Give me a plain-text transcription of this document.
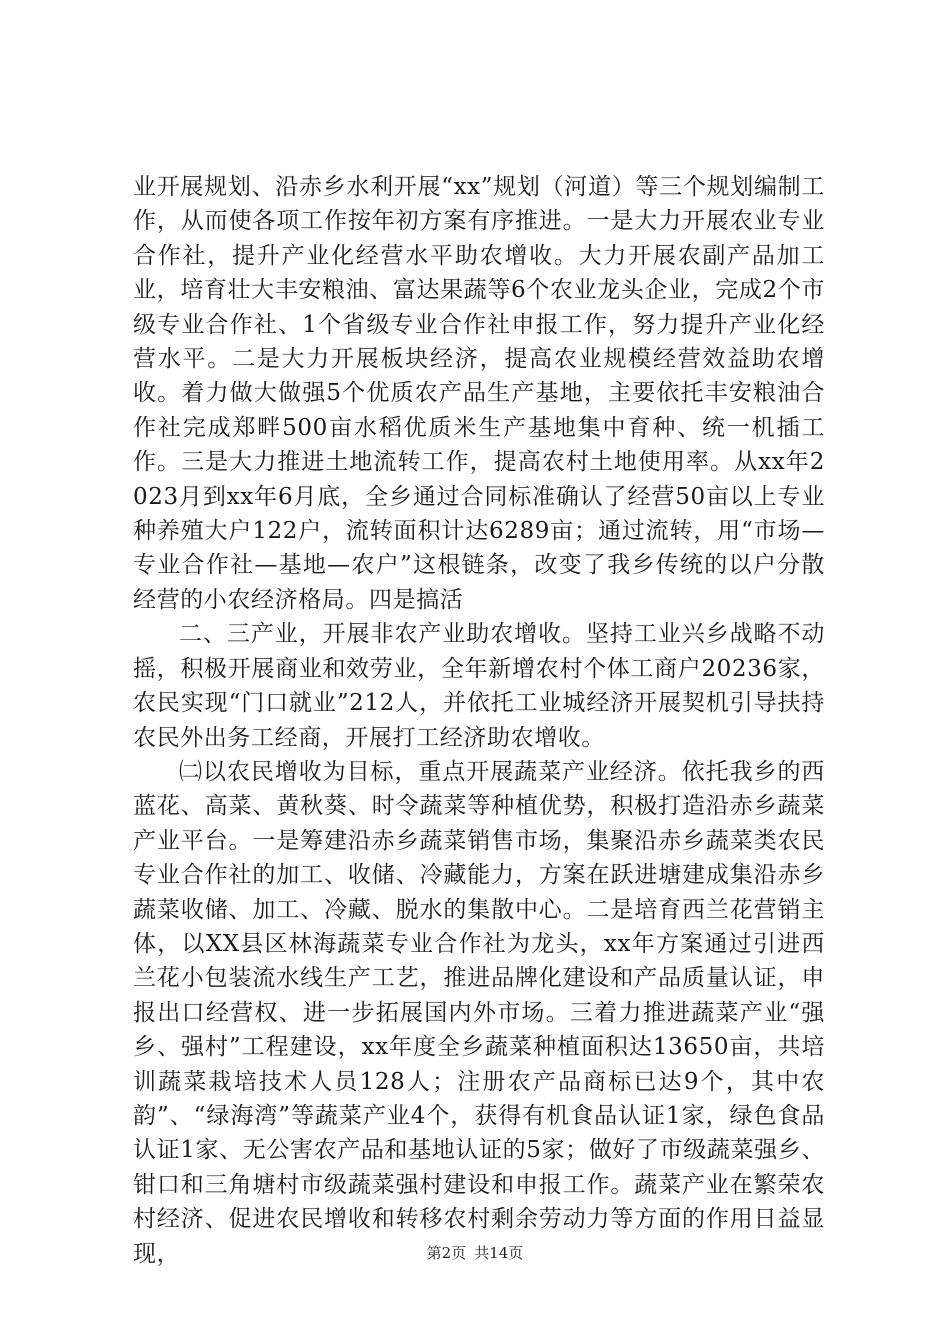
业开展规划、沿赤乡水利开展“xx”规划（河道）等三个规划编制工作，从而使各项工作按年初方案有序推进。一是大力开展农业专业合作社，提升产业化经营水平助农增收。大力开展农副产品加工业，培育壮大丰安粮油、富达果蔬等6个农业龙头企业，完成2个市级专业合作社、1个省级专业合作社申报工作，努力提升产业化经营水平。二是大力开展板块经济，提高农业规模经营效益助农增收。着力做大做强5个优质农产品生产基地，主要依托丰安粮油合作社完成郑畔500亩水稻优质米生产基地集中育种、统一机插工作。三是大力推进土地流转工作，提高农村土地使用率。从xx年2023月到xx年6月底，全乡通过合同标准确认了经营50亩以上专业种养殖大户122户，流转面积计达6289亩；通过流转，用“市场—专业合作社—基地—农户”这根链条，改变了我乡传统的以户分散经营的小农经济格局。四是搞活

二、三产业，开展非农产业助农增收。坚持工业兴乡战略不动摇，积极开展商业和效劳业，全年新增农村个体工商户20236家，农民实现“门口就业”212人，并依托工业城经济开展契机引导扶持农民外出务工经商，开展打工经济助农增收。

㈡以农民增收为目标，重点开展蔬菜产业经济。依托我乡的西蓝花、高菜、黄秋葵、时令蔬菜等种植优势，积极打造沿赤乡蔬菜产业平台。一是筹建沿赤乡蔬菜销售市场，集聚沿赤乡蔬菜类农民专业合作社的加工、收储、冷藏能力，方案在跃进塘建成集沿赤乡蔬菜收储、加工、冷藏、脱水的集散中心。二是培育西兰花营销主体，以XX县区林海蔬菜专业合作社为龙头，xx年方案通过引进西兰花小包装流水线生产工艺，推进品牌化建设和产品质量认证，申报出口经营权、进一步拓展国内外市场。三着力推进蔬菜产业“强乡、强村”工程建设，xx年度全乡蔬菜种植面积达13650亩，共培训蔬菜栽培技术人员128人；注册农产品商标已达9个，其中农韵”、“绿海湾”等蔬菜产业4个，获得有机食品认证1家，绿色食品认证1家、无公害农产品和基地认证的5家；做好了市级蔬菜强乡、钳口和三角塘村市级蔬菜强村建设和申报工作。蔬菜产业在繁荣农村经济、促进农民增收和转移农村剩余劳动力等方面的作用日益显现，	第2页 共14页
